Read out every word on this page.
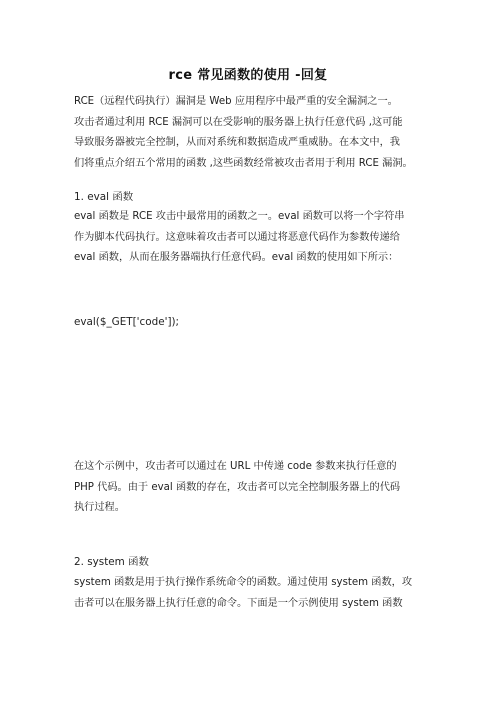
rce 常见函数的使用 -回复

RCE（远程代码执行）漏洞是 Web 应用程序中最严重的安全漏洞之一。

攻击者通过利用 RCE 漏洞可以在受影响的服务器上执行任意代码 ,这可能

导致服务器被完全控制，从而对系统和数据造成严重威胁。在本文中，我

们将重点介绍五个常用的函数 ,这些函数经常被攻击者用于利用 RCE 漏洞。

1. eval 函数

eval 函数是 RCE 攻击中最常用的函数之一。eval 函数可以将一个字符串

作为脚本代码执行。这意味着攻击者可以通过将恶意代码作为参数传递给

eval 函数，从而在服务器端执行任意代码。eval 函数的使用如下所示：

eval($_GET['code']);

在这个示例中，攻击者可以通过在 URL 中传递 code 参数来执行任意的

PHP 代码。由于 eval 函数的存在，攻击者可以完全控制服务器上的代码

执行过程。

2. system 函数

system 函数是用于执行操作系统命令的函数。通过使用 system 函数，攻

击者可以在服务器上执行任意的命令。下面是一个示例使用 system 函数
